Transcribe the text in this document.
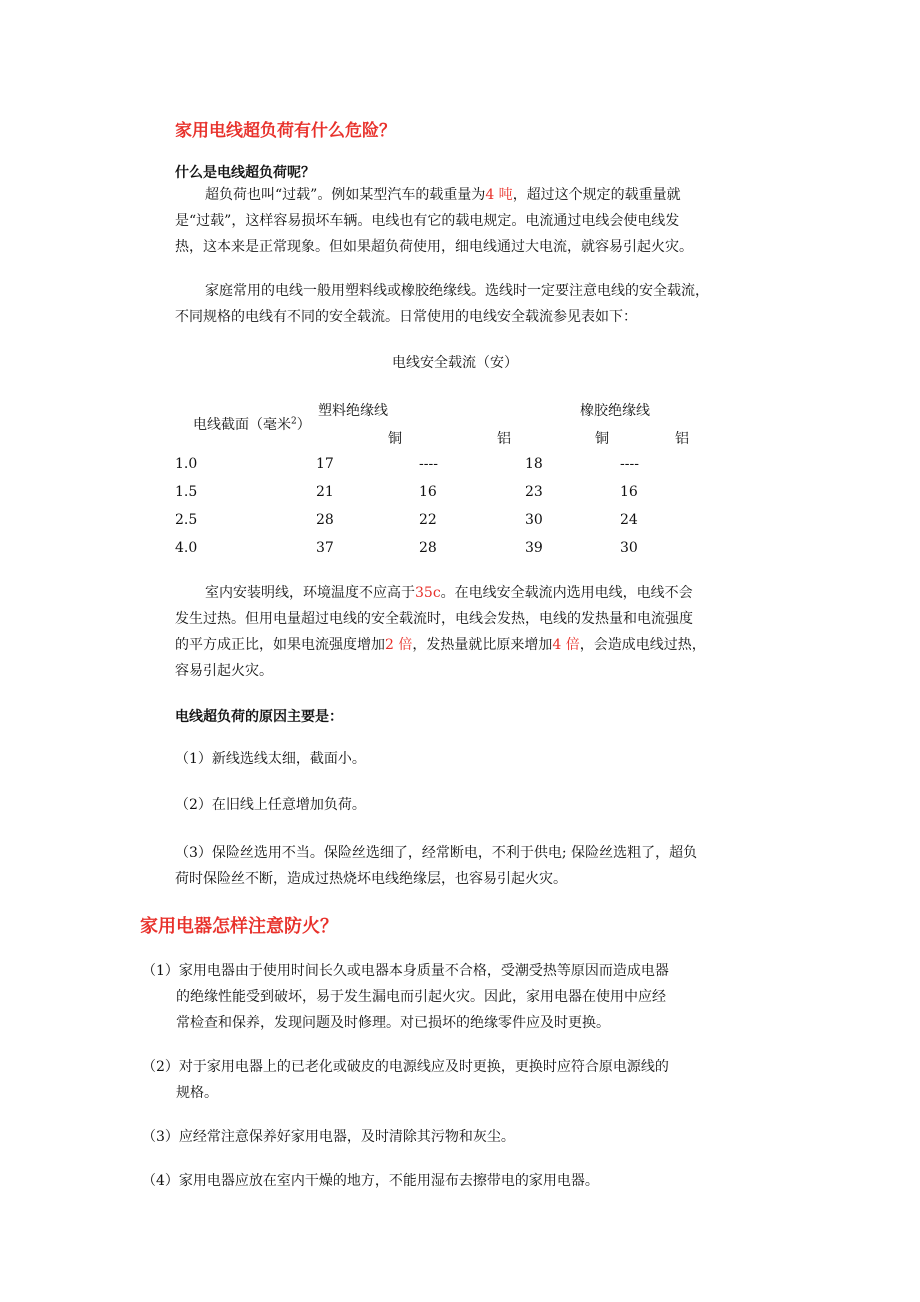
家用电线超负荷有什么危险？
什么是电线超负荷呢？
超负荷也叫“过载”。例如某型汽车的载重量为4 吨，超过这个规定的载重量就
是“过载”，这样容易损坏车辆。电线也有它的载电规定。电流通过电线会使电线发
热，这本来是正常现象。但如果超负荷使用，细电线通过大电流，就容易引起火灾。
家庭常用的电线一般用塑料线或橡胶绝缘线。选线时一定要注意电线的安全载流，
不同规格的电线有不同的安全载流。日常使用的电线安全载流参见表如下：
电线安全载流（安）
塑料绝缘线	橡胶绝缘线
电线截面（毫米$^2$）
铜	铝	铜	铝
1.0	17	----	18	----
1.5	21	16	23	16
2.5	28	22	30	24
4.0	37	28	39	30
室内安装明线，环境温度不应高于35c。在电线安全载流内选用电线，电线不会
发生过热。但用电量超过电线的安全载流时，电线会发热，电线的发热量和电流强度
的平方成正比，如果电流强度增加2 倍，发热量就比原来增加4 倍，会造成电线过热，
容易引起火灾。
电线超负荷的原因主要是：
（1）新线选线太细，截面小。
（2）在旧线上任意增加负荷。
（3）保险丝选用不当。保险丝选细了，经常断电，不利于供电; 保险丝选粗了，超负
荷时保险丝不断，造成过热烧坏电线绝缘层，也容易引起火灾。
家用电器怎样注意防火？
（1）家用电器由于使用时间长久或电器本身质量不合格，受潮受热等原因而造成电器
的绝缘性能受到破坏，易于发生漏电而引起火灾。因此，家用电器在使用中应经
常检查和保养，发现问题及时修理。对已损坏的绝缘零件应及时更换。
（2）对于家用电器上的已老化或破皮的电源线应及时更换，更换时应符合原电源线的
规格。
（3）应经常注意保养好家用电器，及时清除其污物和灰尘。
（4）家用电器应放在室内干燥的地方，不能用湿布去擦带电的家用电器。
